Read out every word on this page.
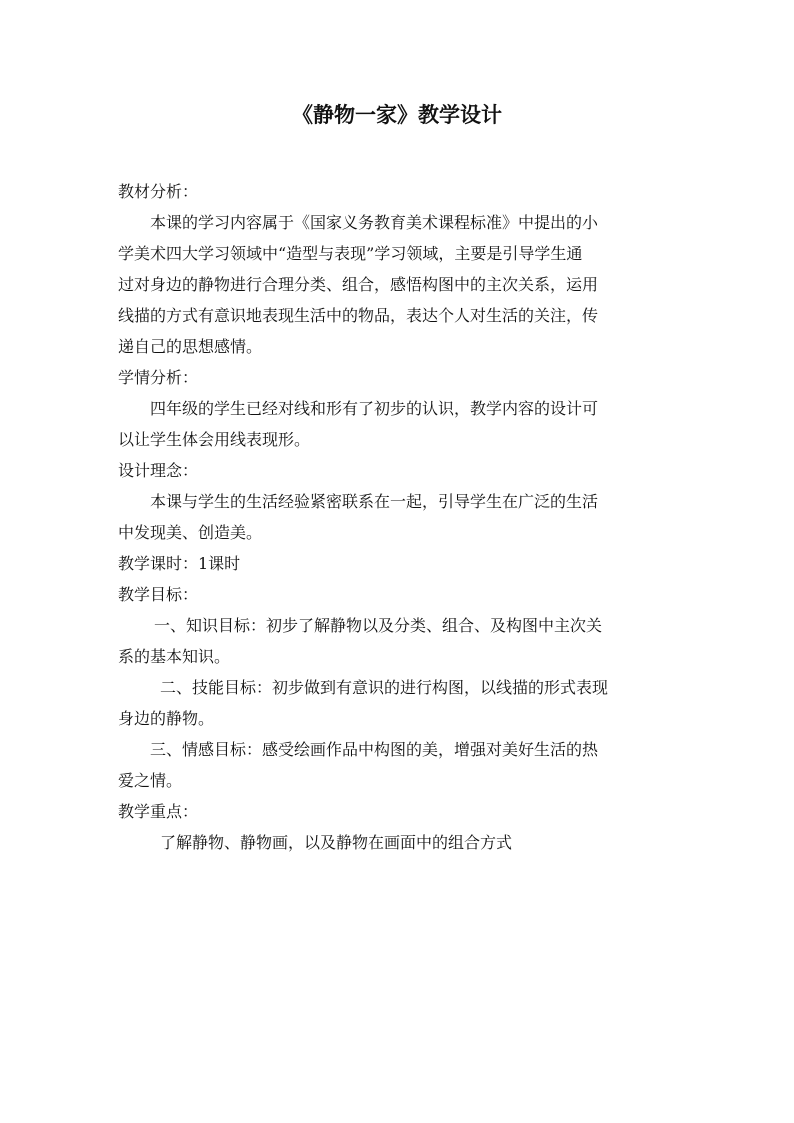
《静物一家》教学设计

教材分析：

本课的学习内容属于《国家义务教育美术课程标准》中提出的小

学美术四大学习领域中“造型与表现”学习领域，主要是引导学生通

过对身边的静物进行合理分类、组合，感悟构图中的主次关系，运用

线描的方式有意识地表现生活中的物品，表达个人对生活的关注，传

递自己的思想感情。

学情分析：

四年级的学生已经对线和形有了初步的认识，教学内容的设计可

以让学生体会用线表现形。

设计理念：

本课与学生的生活经验紧密联系在一起，引导学生在广泛的生活

中发现美、创造美。

教学课时：1课时

教学目标：

一、知识目标：初步了解静物以及分类、组合、及构图中主次关

系的基本知识。

二、技能目标：初步做到有意识的进行构图，以线描的形式表现

身边的静物。

三、情感目标：感受绘画作品中构图的美，增强对美好生活的热

爱之情。

教学重点：

了解静物、静物画，以及静物在画面中的组合方式
